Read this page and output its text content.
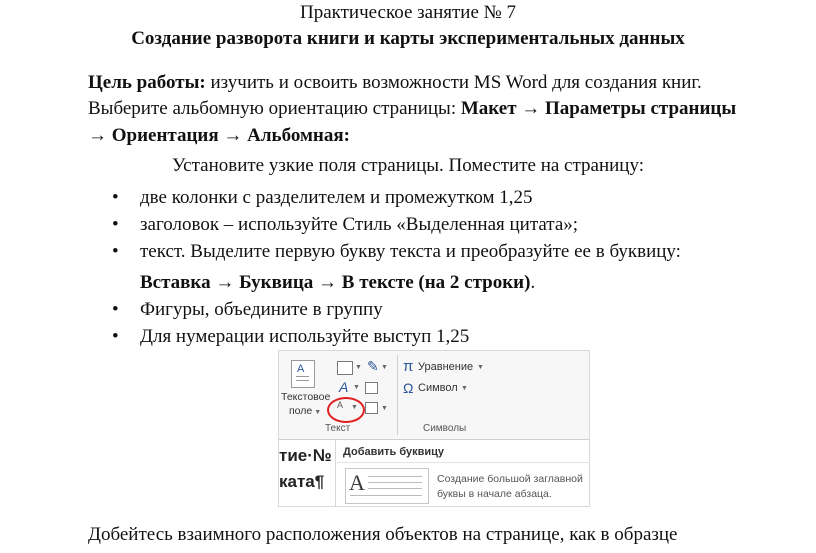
Практическое занятие № 7
Создание разворота книги и карты экспериментальных данных
Цель работы: изучить и освоить возможности MS Word для создания книг.
Выберите альбомную ориентацию страницы: Макет → Параметры страницы
→ Ориентация → Альбомная:
Установите узкие поля страницы. Поместите на страницу:
• две колонки с разделителем и промежутком 1,25
• заголовок – используйте Стиль «Выделенная цитата»;
• текст. Выделите первую букву текста и преобразуйте ее в буквицу:
Вставка → Буквица → В тексте (на 2 строки).
• Фигуры, объедините в группу
• Для нумерации используйте выступ 1,25
A
Текстовое
поле ▼
▼ ✎ ▼
A ▼
A ▼	▼
π Уравнение ▼
Ω Символ ▼
Текст	Символы
тие·№
ката¶
Добавить буквицу
A	Создание большой заглавной
буквы в начале абзаца.
Добейтесь взаимного расположения объектов на странице, как в образце
